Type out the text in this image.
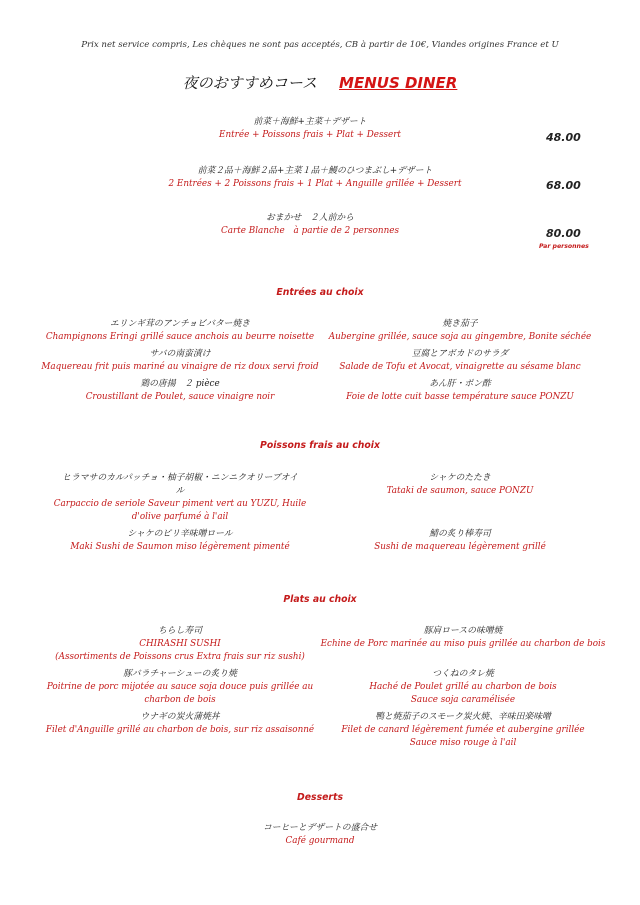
Prix net service compris, Les chèques ne sont pas acceptés, CB à partir de 10€, Viandes origines France et U
夜のおすすめコース MENUS DINER
前菜＋海鮮+主菜＋デザート
Entrée + Poissons frais + Plat + Dessert	48.00
前菜２品＋海鮮２品+主菜１品＋鰻のひつまぶし+デザート
2 Entrées + 2 Poissons frais + 1 Plat + Anguille grillée + Dessert	68.00
おまかせ　２人前から
Carte Blanche　à partie de 2 personnes	80.00
Par personnes
Entrées au choix
エリンギ茸のアンチョビバター焼き
Champignons Eringi grillé sauce anchois au beurre noisette
サバの南蛮漬け
Maquereau frit puis mariné au vinaigre de riz doux servi froid
鶏の唐揚　２ pièce
Croustillant de Poulet, sauce vinaigre noir
焼き茄子
Aubergine grillée, sauce soja au gingembre, Bonite séchée
豆腐とアボカドのサラダ
Salade de Tofu et Avocat, vinaigrette au sésame blanc
あん肝・ポン酢
Foie de lotte cuit basse température sauce PONZU
Poissons frais au choix
ヒラマサのカルパッチョ・柚子胡椒・ニンニクオリーブオイ
ル
Carpaccio de seriole Saveur piment vert au YUZU, Huile
d'olive parfumé à l'ail
シャケのピリ辛味噌ロール
Maki Sushi de Saumon miso légèrement pimenté
シャケのたたき
Tataki de saumon, sauce PONZU
鯖の炙り棒寿司
Sushi de maquereau légèrement grillé
Plats au choix
ちらし寿司
CHIRASHI SUSHI
(Assortiments de Poissons crus Extra frais sur riz sushi)
豚バラチャーシューの炙り焼
Poitrine de porc mijotée au sauce soja douce puis grillée au
charbon de bois
ウナギの炭火蒲焼丼
Filet d'Anguille grillé au charbon de bois, sur riz assaisonné
豚肩ロースの味噌焼
Echine de Porc marinée au miso puis grillée au charbon de bois
つくねのタレ焼
Haché de Poulet grillé au charbon de bois
Sauce soja caramélisée
鴨と焼茄子のスモーク炭火焼、辛味田楽味噌
Filet de canard légèrement fumée et aubergine grillée
Sauce miso rouge à l'ail
Desserts
コーヒーとデザートの盛合せ
Café gourmand
